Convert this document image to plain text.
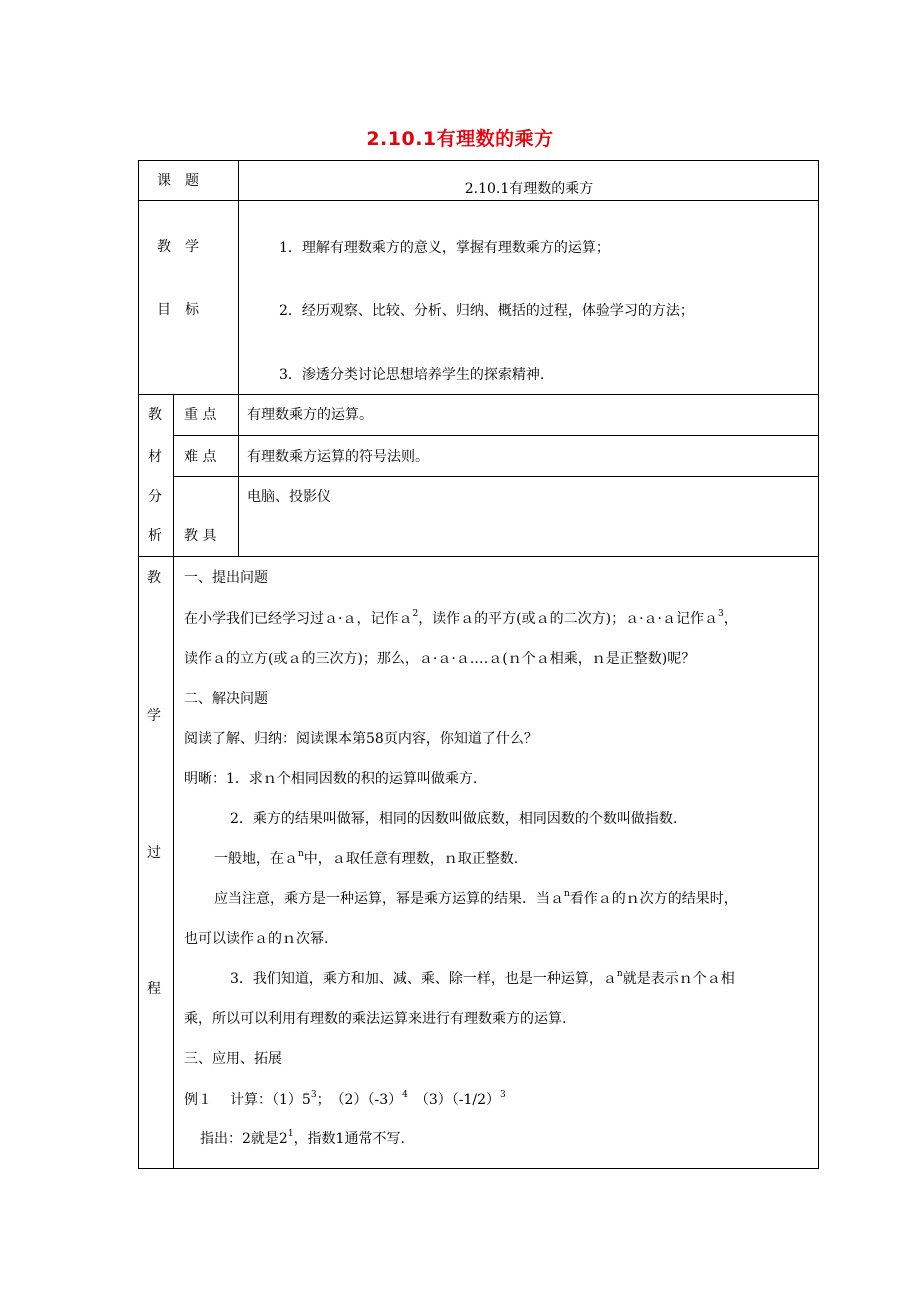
2.10.1有理数的乘方
课　题	2.10.1有理数的乘方
教　学
目　标
1．理解有理数乘方的意义，掌握有理数乘方的运算；
2．经历观察、比较、分析、归纳、概括的过程，体验学习的方法；
3．渗透分类讨论思想培养学生的探索精神.
教
材
分
析
重 点 有理数乘方的运算。
难 点 有理数乘方运算的符号法则。
教 具
电脑、投影仪
教
学
过
程
一、提出问题
在小学我们已经学习过ａ·ａ，记作ａ$^2$，读作ａ的平方(或ａ的二次方)；ａ·ａ·ａ记作ａ$^3$，
读作ａ的立方(或ａ的三次方)；那么，ａ·ａ·ａ.…ａ(ｎ个ａ相乘，ｎ是正整数)呢？
二、解决问题
阅读了解、归纳：阅读课本第58页内容，你知道了什么？
明晰：1．求ｎ个相同因数的积的运算叫做乘方.
2．乘方的结果叫做幂，相同的因数叫做底数，相同因数的个数叫做指数.
一般地，在ａ$^n$中，ａ取任意有理数，ｎ取正整数.
应当注意，乘方是一种运算，幂是乘方运算的结果．当ａ$^n$看作ａ的ｎ次方的结果时，
也可以读作ａ的ｎ次幂.
3．我们知道，乘方和加、减、乘、除一样，也是一种运算，ａ$^n$就是表示ｎ个ａ相
乘，所以可以利用有理数的乘法运算来进行有理数乘方的运算.
三、应用、拓展
例１ 计算：$(1)5^3$；　$(2)(-3)^4$　$(3)(-1/2)^3$
指出：2就是$2^1$，指数1通常不写.
